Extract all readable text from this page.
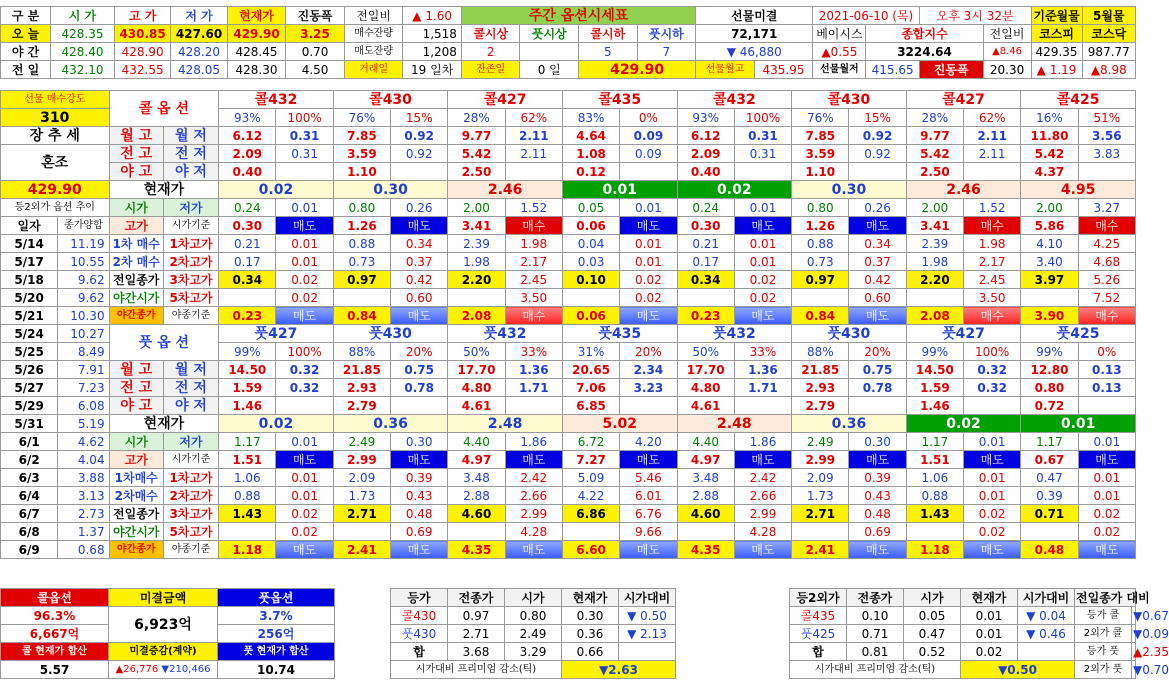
구 분	시 가	고 가	저 가	현재가	진동폭	전일비	▲ 1.60	주간 옵션시세표				선물미결		2021-06-10 (목)		오후 3시 32분		기준월물	5월물
오 늘	428.35	430.85	427.60	429.90	3.25	매수잔량	1,518	콜시상	풋시상	콜시하	풋시하	72,171		베이시스	종합지수		전일비	코스피	코스닥
야 간	428.40	428.90	428.20	428.45	0.70	매도잔량	1,208	2		5	7	▼ 46,880		▲0.55	3224.64		▲8.46	429.35	987.77
전 일	432.10	432.55	428.05	428.30	4.50	거래일	19 일차	잔존일	0 일	429.90		선물월고	435.95	선물월저	415.65	진동폭	20.30	▲ 1.19	▲8.98
선물 매수강도		콜 옵 션		콜432		콜430		콜427		콜435		콜432		콜430		콜427		콜425	
310				93%	100%	76%	15%	28%	62%	83%	0%	93%	100%	76%	15%	28%	62%	16%	51%
장 추 세		월 고	월 저	6.12	0.31	7.85	0.92	9.77	2.11	4.64	0.09	6.12	0.31	7.85	0.92	9.77	2.11	11.80	3.56
혼조		전 고	전 저	2.09	0.31	3.59	0.92	5.42	2.11	1.08	0.09	2.09	0.31	3.59	0.92	5.42	2.11	5.42	3.83
		야 고	야 저	0.40		1.10		2.50		0.12		0.40		1.10		2.50		4.37	
429.90		현재가		0.02		0.30		2.46		0.01		0.02		0.30		2.46		4.95	
등2외가 옵션 추이		시가	저가	0.24	0.01	0.80	0.26	2.00	1.52	0.05	0.01	0.24	0.01	0.80	0.26	2.00	1.52	2.00	3.27
일자	종가양합	고가	시가기준	0.30	매도	1.26	매도	3.41	매수	0.06	매도	0.30	매도	1.26	매도	3.41	매수	5.86	매수
5/14	11.19	1차 매수	1차고가	0.21	0.01	0.88	0.34	2.39	1.98	0.04	0.01	0.21	0.01	0.88	0.34	2.39	1.98	4.10	4.25
5/17	10.55	2차 매수	2차고가	0.17	0.01	0.73	0.37	1.98	2.17	0.03	0.01	0.17	0.01	0.73	0.37	1.98	2.17	3.40	4.68
5/18	9.62	전일종가	3차고가	0.34	0.02	0.97	0.42	2.20	2.45	0.10	0.02	0.34	0.02	0.97	0.42	2.20	2.45	3.97	5.26
5/20	9.62	야간시가	5차고가		0.02		0.60		3.50		0.02		0.02		0.60		3.50		7.52
5/21	10.30	야간종가	야종기준	0.23	매도	0.84	매도	2.08	매수	0.06	매도	0.23	매도	0.84	매도	2.08	매수	3.90	매수
5/24	10.27	풋 옵 션		풋427		풋430		풋432		풋435		풋432		풋430		풋427		풋425	
5/25	8.49			99%	100%	88%	20%	50%	33%	31%	20%	50%	33%	88%	20%	99%	100%	99%	0%
5/26	7.91	월 고	월 저	14.50	0.32	21.85	0.75	17.70	1.36	20.65	2.34	17.70	1.36	21.85	0.75	14.50	0.32	12.80	0.13
5/27	7.23	전 고	전 저	1.59	0.32	2.93	0.78	4.80	1.71	7.06	3.23	4.80	1.71	2.93	0.78	1.59	0.32	0.80	0.13
5/29	6.08	야 고	야 저	1.46		2.79		4.61		6.85		4.61		2.79		1.46		0.72	
5/31	5.19	현재가		0.02		0.36		2.48		5.02		2.48		0.36		0.02		0.01	
6/1	4.62	시가	저가	1.17	0.01	2.49	0.30	4.40	1.86	6.72	4.20	4.40	1.86	2.49	0.30	1.17	0.01	1.17	0.01
6/2	4.04	고가	시가기준	1.51	매도	2.99	매도	4.97	매도	7.27	매도	4.97	매도	2.99	매도	1.51	매도	0.67	매도
6/3	3.88	1차매수	1차고가	1.06	0.01	2.09	0.39	3.48	2.42	5.09	5.46	3.48	2.42	2.09	0.39	1.06	0.01	0.47	0.01
6/4	3.13	2차매수	2차고가	0.88	0.01	1.73	0.43	2.88	2.66	4.22	6.01	2.88	2.66	1.73	0.43	0.88	0.01	0.39	0.01
6/7	2.73	전일종가	3차고가	1.43	0.02	2.71	0.48	4.60	2.99	6.86	6.76	4.60	2.99	2.71	0.48	1.43	0.02	0.71	0.02
6/8	1.37	야간시가	5차고가		0.02		0.69		4.28		9.66		4.28		0.69		0.02		0.02
6/9	0.68	야간종가	야종기준	1.18	매도	2.41	매도	4.35	매도	6.60	매도	4.35	매도	2.41	매도	1.18	매도	0.48	매도
콜옵션	미결금액	풋옵션		등가	전종가	시가	현재가	시가대비			등2외가	전종가	시가	현재가	시가대비	전일종가 대비	
96.3%	6,923억	3.7%		콜430	0.97	0.80	0.30	▼ 0.50			콜435	0.10	0.05	0.01	▼ 0.04	등가 콜	▼0.67
6,667억		256억		풋430	2.71	2.49	0.36	▼ 2.13			풋425	0.71	0.47	0.01	▼ 0.46	2외가 콜	▼0.09
콜 현재가 합산	미결증감(계약)	풋 현재가 합산		합	3.68	3.29	0.66				합	0.81	0.52	0.02		등가 풋	▲2.35
5.57	▲26,776 ▼210,466	10.74		시가대비 프리미엄 감소(틱)			▼2.63				시가대비 프리미엄 감소(틱)			▼0.50		2외가 풋	▼0.70
